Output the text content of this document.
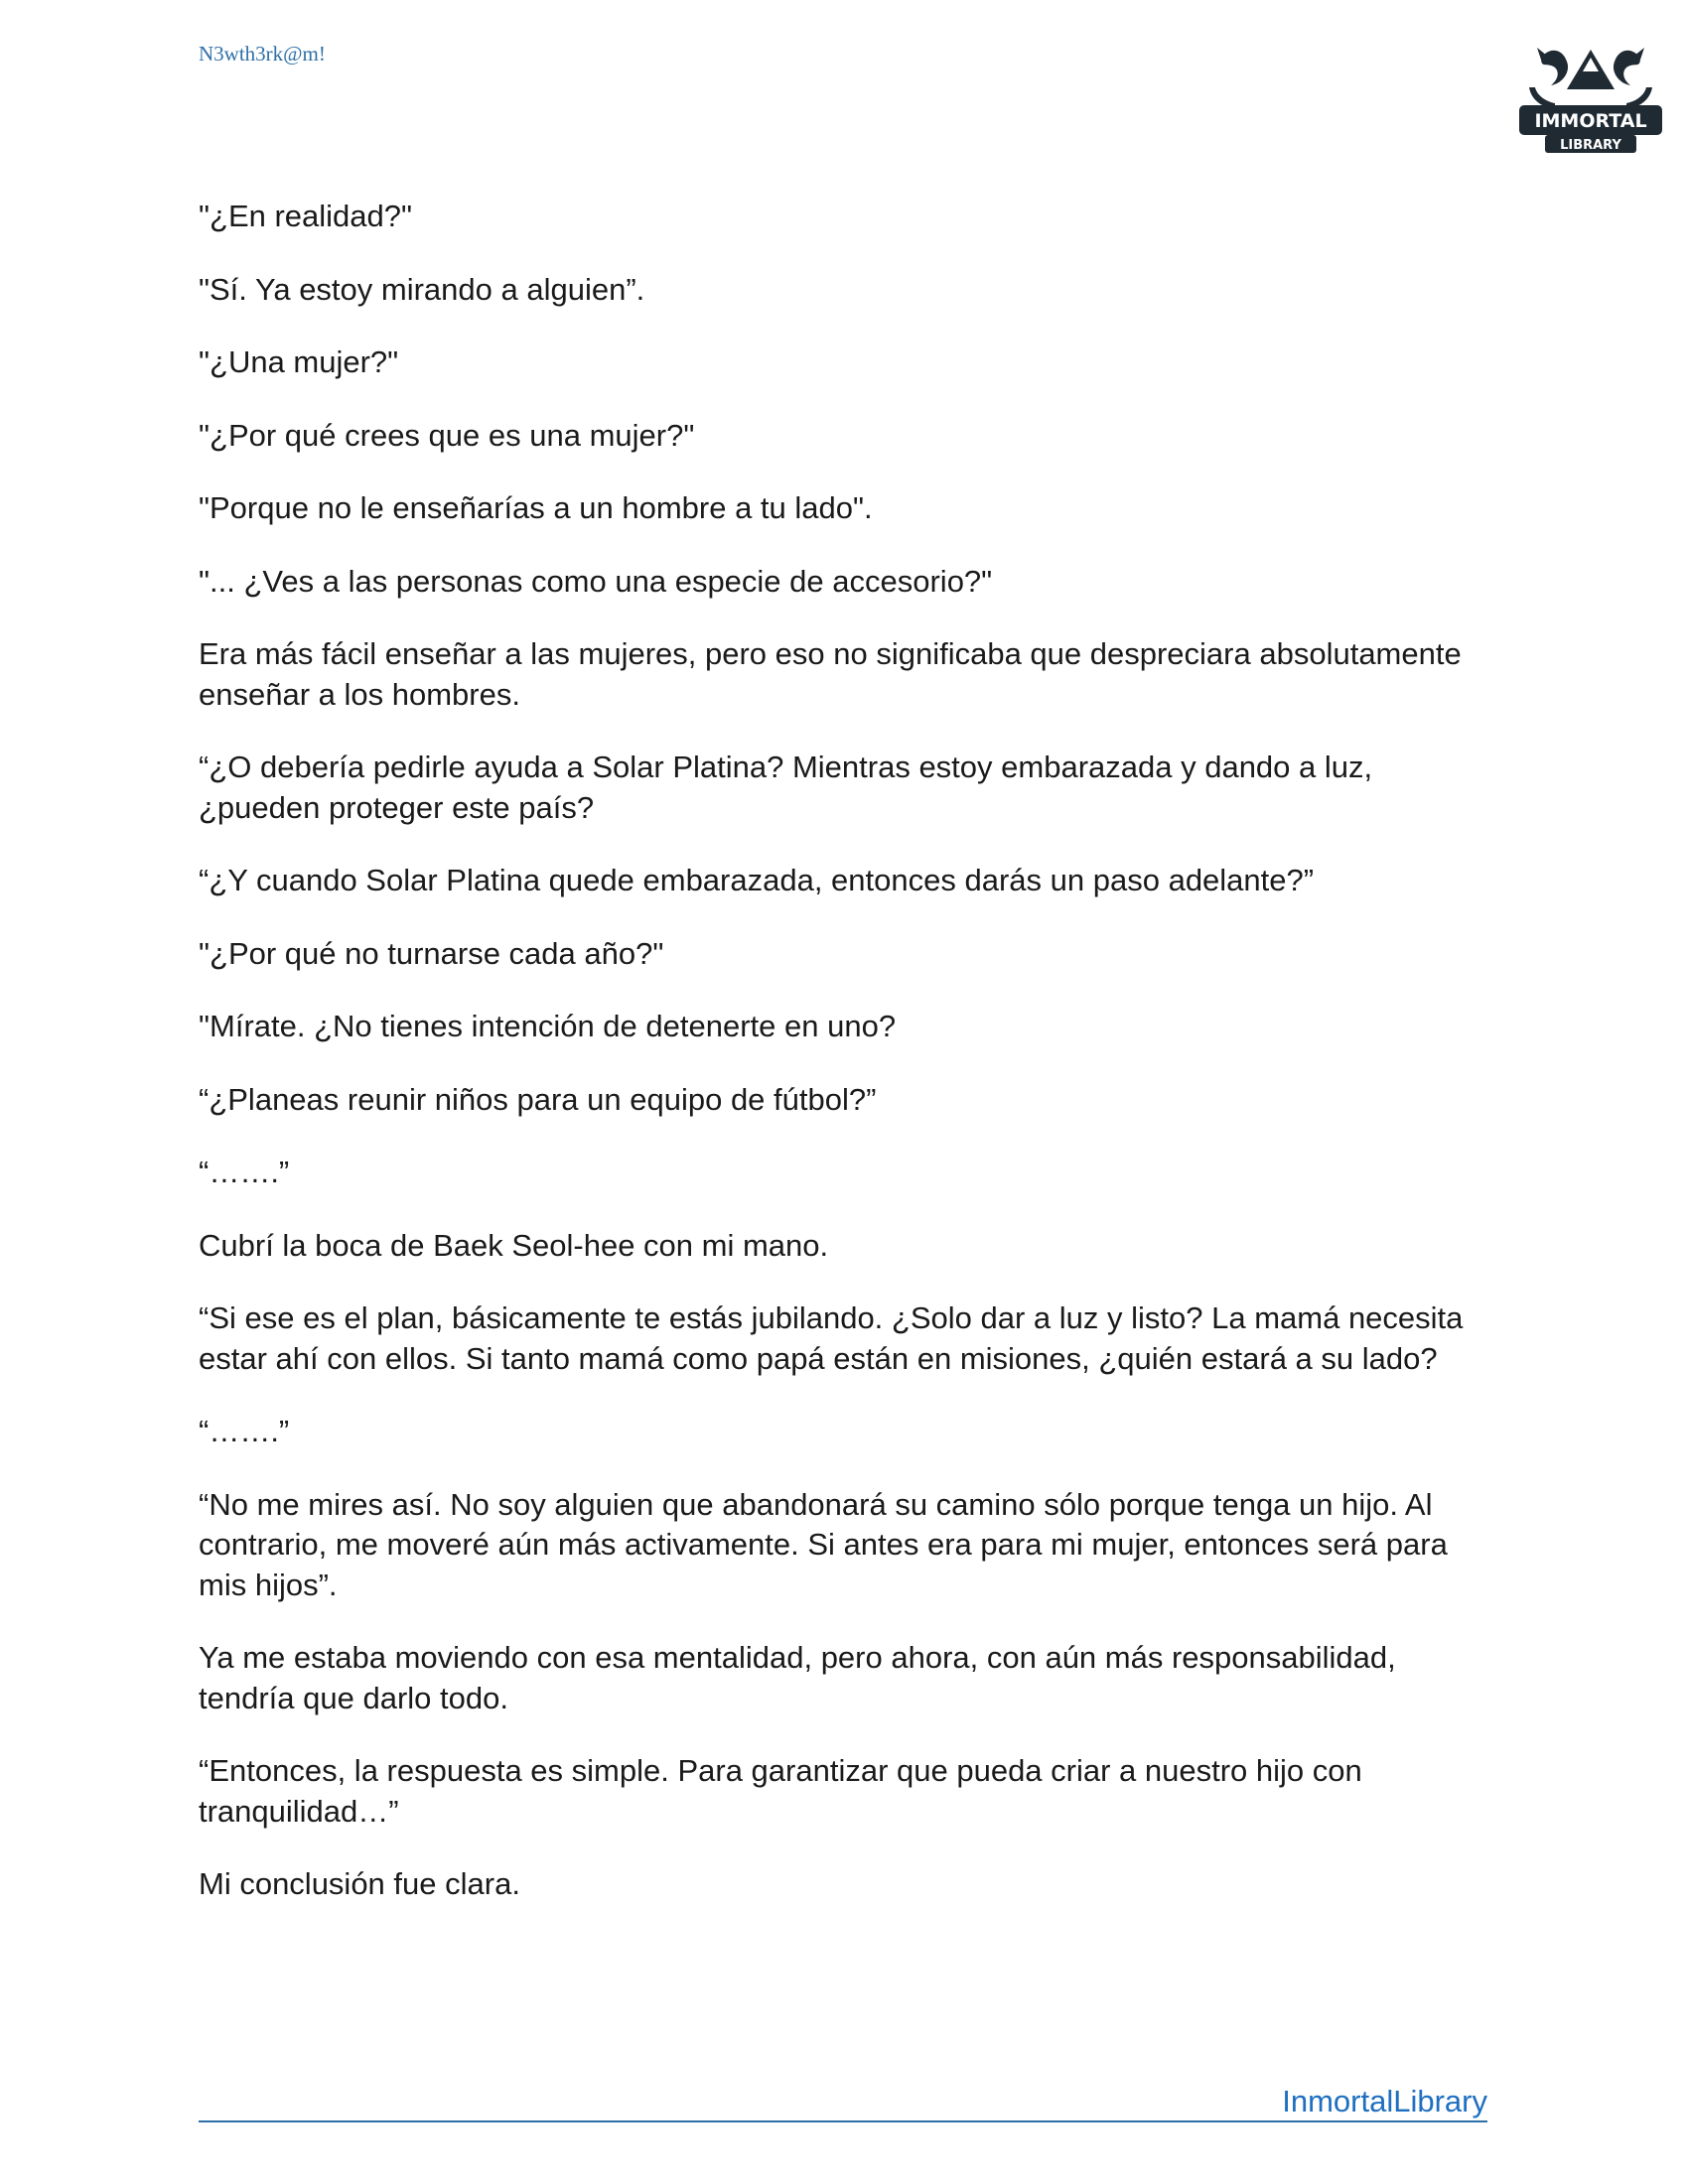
N3wth3rk@m!
IMMORTAL
LIBRARY

"¿En realidad?"

"Sí. Ya estoy mirando a alguien”.

"¿Una mujer?"

"¿Por qué crees que es una mujer?"

"Porque no le enseñarías a un hombre a tu lado".

"... ¿Ves a las personas como una especie de accesorio?"

Era más fácil enseñar a las mujeres, pero eso no significaba que despreciara absolutamente enseñar a los hombres.

“¿O debería pedirle ayuda a Solar Platina? Mientras estoy embarazada y dando a luz, ¿pueden proteger este país?

“¿Y cuando Solar Platina quede embarazada, entonces darás un paso adelante?”

"¿Por qué no turnarse cada año?"

"Mírate. ¿No tienes intención de detenerte en uno?

“¿Planeas reunir niños para un equipo de fútbol?”

“…….”

Cubrí la boca de Baek Seol-hee con mi mano.

“Si ese es el plan, básicamente te estás jubilando. ¿Solo dar a luz y listo? La mamá necesita estar ahí con ellos. Si tanto mamá como papá están en misiones, ¿quién estará a su lado?

“…….”

“No me mires así. No soy alguien que abandonará su camino sólo porque tenga un hijo. Al contrario, me moveré aún más activamente. Si antes era para mi mujer, entonces será para mis hijos”.

Ya me estaba moviendo con esa mentalidad, pero ahora, con aún más responsabilidad, tendría que darlo todo.

“Entonces, la respuesta es simple. Para garantizar que pueda criar a nuestro hijo con tranquilidad…”

Mi conclusión fue clara.

InmortalLibrary
